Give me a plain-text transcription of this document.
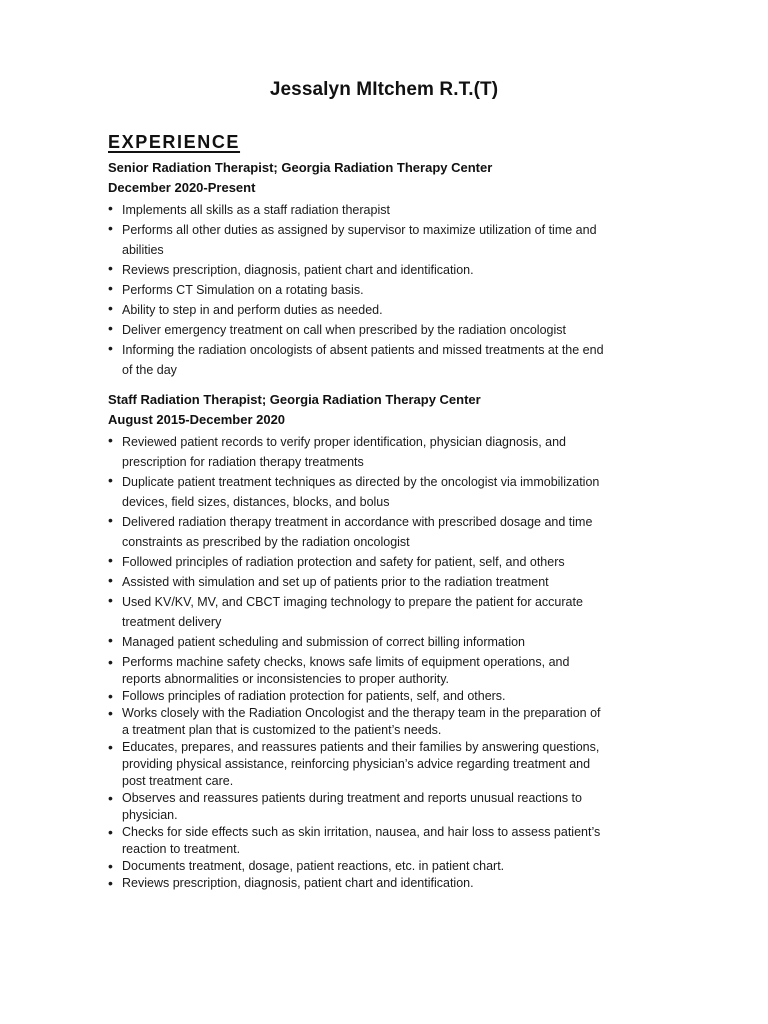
Jessalyn MItchem R.T.(T)
EXPERIENCE
Senior Radiation Therapist; Georgia Radiation Therapy Center
December 2020-Present
• Implements all skills as a staff radiation therapist
• Performs all other duties as assigned by supervisor to maximize utilization of time and
abilities
• Reviews prescription, diagnosis, patient chart and identification.
• Performs CT Simulation on a rotating basis.
• Ability to step in and perform duties as needed.
• Deliver emergency treatment on call when prescribed by the radiation oncologist
• Informing the radiation oncologists of absent patients and missed treatments at the end
of the day
Staff Radiation Therapist; Georgia Radiation Therapy Center
August 2015-December 2020
• Reviewed patient records to verify proper identification, physician diagnosis, and
prescription for radiation therapy treatments
• Duplicate patient treatment techniques as directed by the oncologist via immobilization
devices, field sizes, distances, blocks, and bolus
• Delivered radiation therapy treatment in accordance with prescribed dosage and time
constraints as prescribed by the radiation oncologist
• Followed principles of radiation protection and safety for patient, self, and others
• Assisted with simulation and set up of patients prior to the radiation treatment
• Used KV/KV, MV, and CBCT imaging technology to prepare the patient for accurate
treatment delivery
• Managed patient scheduling and submission of correct billing information
• Performs machine safety checks, knows safe limits of equipment operations, and
reports abnormalities or inconsistencies to proper authority.
• Follows principles of radiation protection for patients, self, and others.
• Works closely with the Radiation Oncologist and the therapy team in the preparation of
a treatment plan that is customized to the patient’s needs.
• Educates, prepares, and reassures patients and their families by answering questions,
providing physical assistance, reinforcing physician’s advice regarding treatment and
post treatment care.
• Observes and reassures patients during treatment and reports unusual reactions to
physician.
• Checks for side effects such as skin irritation, nausea, and hair loss to assess patient’s
reaction to treatment.
• Documents treatment, dosage, patient reactions, etc. in patient chart.
• Reviews prescription, diagnosis, patient chart and identification.
